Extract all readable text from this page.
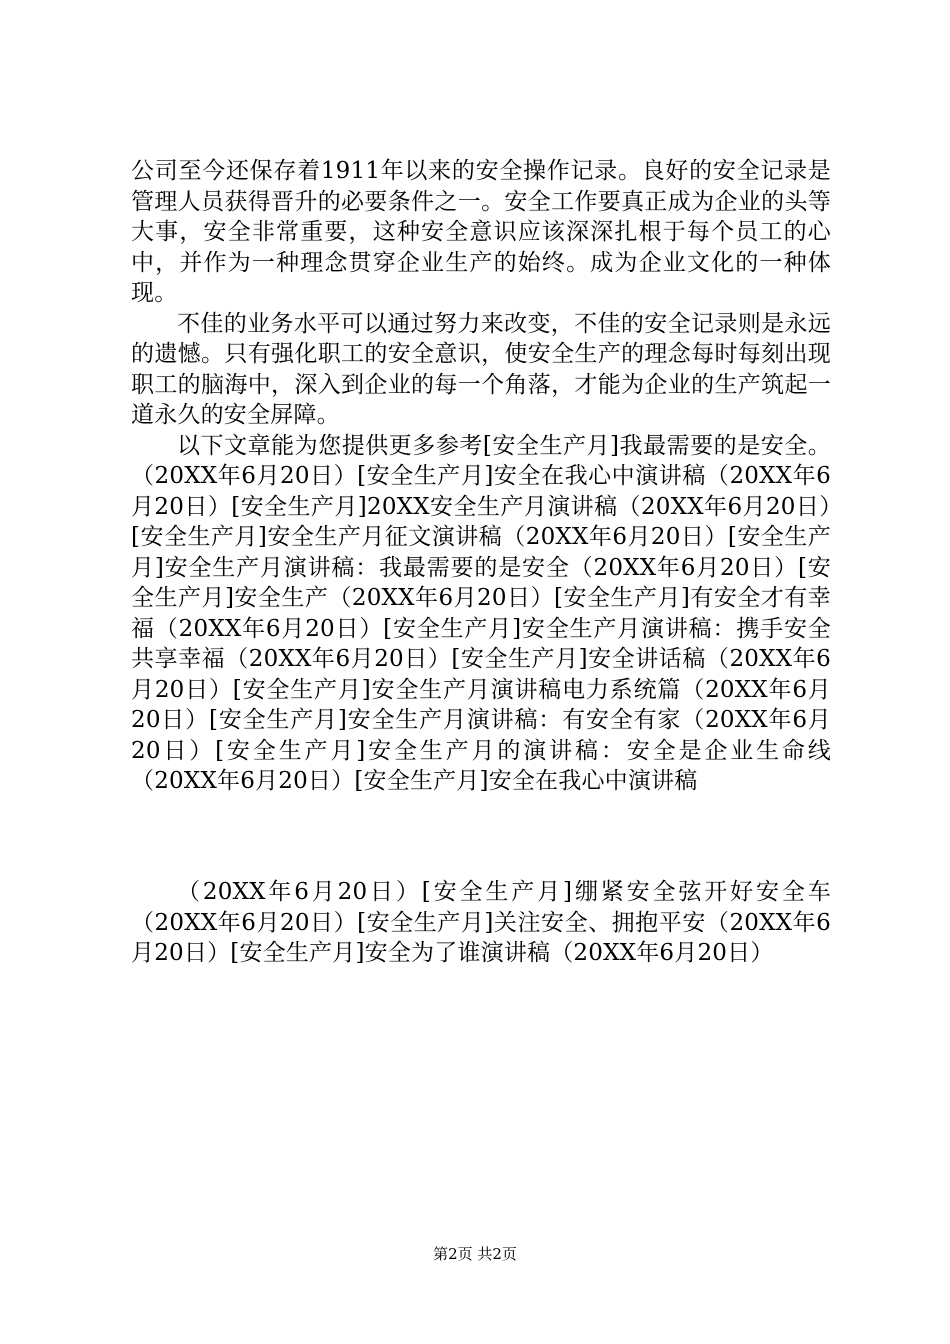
公司至今还保存着1911年以来的安全操作记录。良好的安全记录是管理人员获得晋升的必要条件之一。安全工作要真正成为企业的头等大事，安全非常重要，这种安全意识应该深深扎根于每个员工的心中，并作为一种理念贯穿企业生产的始终。成为企业文化的一种体现。

不佳的业务水平可以通过努力来改变，不佳的安全记录则是永远的遗憾。只有强化职工的安全意识，使安全生产的理念每时每刻出现职工的脑海中，深入到企业的每一个角落，才能为企业的生产筑起一道永久的安全屏障。

以下文章能为您提供更多参考[安全生产月]我最需要的是安全。（20XX年6月20日）[安全生产月]安全在我心中演讲稿（20XX年6月20日）[安全生产月]20XX安全生产月演讲稿（20XX年6月20日）[安全生产月]安全生产月征文演讲稿（20XX年6月20日）[安全生产月]安全生产月演讲稿：我最需要的是安全（20XX年6月20日）[安全生产月]安全生产（20XX年6月20日）[安全生产月]有安全才有幸福（20XX年6月20日）[安全生产月]安全生产月演讲稿：携手安全共享幸福（20XX年6月20日）[安全生产月]安全讲话稿（20XX年6月20日）[安全生产月]安全生产月演讲稿电力系统篇（20XX年6月20日）[安全生产月]安全生产月演讲稿：有安全有家（20XX年6月20日）[安全生产月]安全生产月的演讲稿：安全是企业生命线（20XX年6月20日）[安全生产月]安全在我心中演讲稿

（20XX年6月20日）[安全生产月]绷紧安全弦开好安全车（20XX年6月20日）[安全生产月]关注安全、拥抱平安（20XX年6月20日）[安全生产月]安全为了谁演讲稿（20XX年6月20日）

第2页 共2页
